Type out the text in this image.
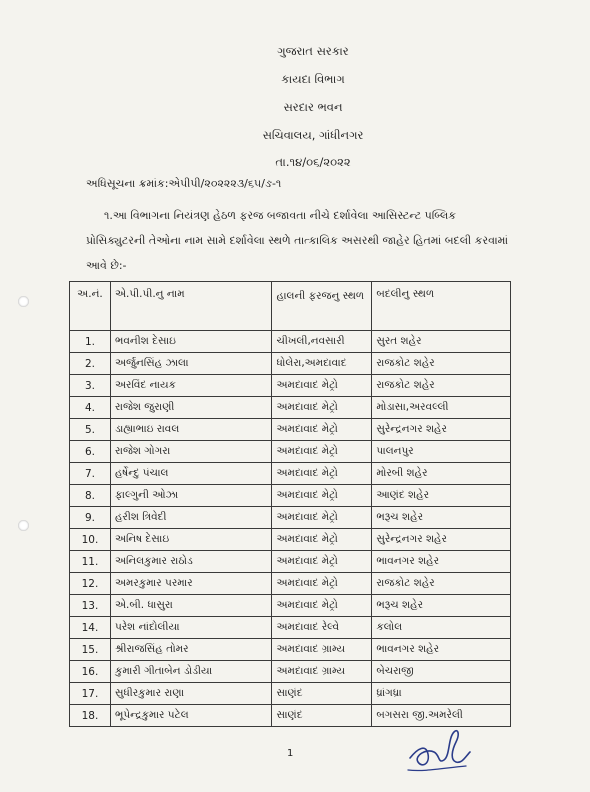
ગુજરાત સરકાર
કાયદા વિભાગ
સરદાર ભવન
સચિવાલય, ગાંધીનગર
તા.૧૪/૦૬/૨૦૨૨
અધિસૂચના ક્રમાંક:એપીપી/૨૦૨૨૨૩/૬૫/ઙ-૧
૧.આ વિભાગના નિયંત્રણ હેઠળ ફરજ બજાવતા નીચે દર્શાવેલા આસિસ્ટન્ટ પબ્લિક પ્રોસિક્યુટરની તેઓના નામ સામે દર્શાવેલા સ્થળે તાત્કાલિક અસરથી જાહેર હિતમાં બદલી કરવામાં આવે છે:-
અ.નં.	એ.પી.પી.નુ નામ	હાલની ફરજનુ સ્થળ	બદલીનુ સ્થળ
1.	ભવનીશ દેસાઇ	ચીખલી,નવસારી	સુરત શહેર
2.	અર્જુનસિંહ ઝાલા	ધોલેરા,અમદાવાદ	રાજકોટ શહેર
3.	અરવિંદ નાયક	અમદાવાદ મેટ્રો	રાજકોટ શહેર
4.	રાજેશ જુરાણી	અમદાવાદ મેટ્રો	મોડાસા,અરવલ્લી
5.	ડાહ્યાભાઇ રાવલ	અમદાવાદ મેટ્રો	સુરેન્દ્રનગર શહેર
6.	રાજેશ ગોગરા	અમદાવાદ મેટ્રો	પાલનપુર
7.	હર્ષેન્દુ પંચાલ	અમદાવાદ મેટ્રો	મોરબી શહેર
8.	ફાલ્ગુની ઓઝા	અમદાવાદ મેટ્રો	આણંદ શહેર
9.	હરીશ ત્રિવેદી	અમદાવાદ મેટ્રો	ભરૂચ શહેર
10.	અનિષ દેસાઇ	અમદાવાદ મેટ્રો	સુરેન્દ્રનગર શહેર
11.	અનિલકુમાર રાઠોડ	અમદાવાદ મેટ્રો	ભાવનગર શહેર
12.	અમરકુમાર પરમાર	અમદાવાદ મેટ્રો	રાજકોટ શહેર
13.	એ.બી. ધાસુરા	અમદાવાદ મેટ્રો	ભરૂચ શહેર
14.	પરેશ નાંદોલીયા	અમદાવાદ રેલ્વે	કલોલ
15.	શ્રીરાજસિંહ તોમર	અમદાવાદ ગ્રામ્ય	ભાવનગર શહેર
16.	કુમારી ગીતાબેન ડોડીયા	અમદાવાદ ગ્રામ્ય	બેચરાજી
17.	સુધીરકુમાર રાણા	સાણંદ	ધ્રાંગધ્રા
18.	ભૂપેન્દ્રકુમાર પટેલ	સાણંદ	બગસરા જી.અમરેલી
1
